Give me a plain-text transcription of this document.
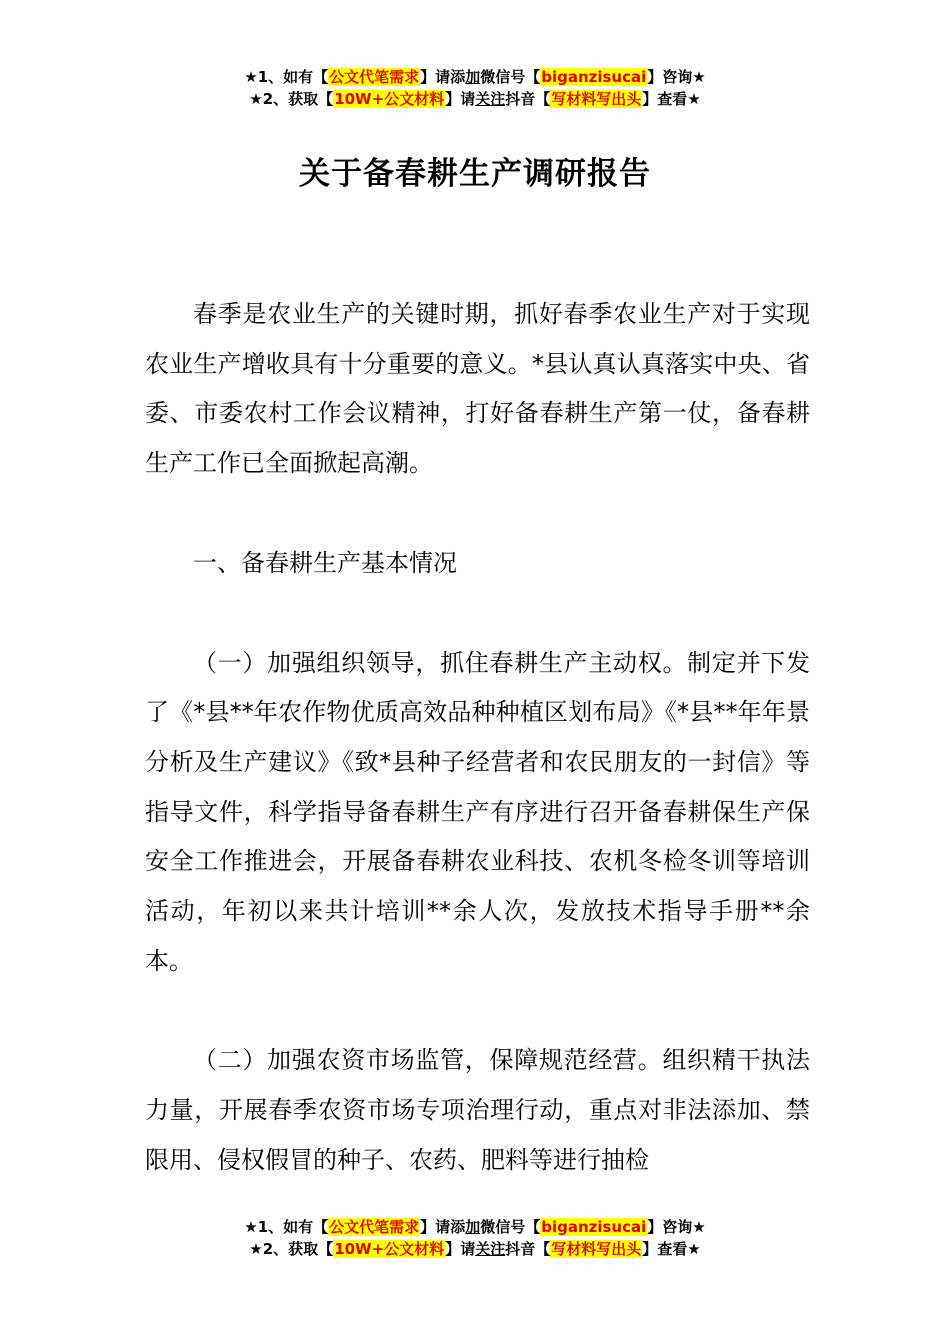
★1、如有【公文代笔需求】请添加微信号【biganzisucai】咨询★
★2、获取【10W+公文材料】请关注抖音【写材料写出头】查看★
关于备春耕生产调研报告

春季是农业生产的关键时期，抓好春季农业生产对于实现农业生产增收具有十分重要的意义。*县认真认真落实中央、省委、市委农村工作会议精神，打好备春耕生产第一仗，备春耕生产工作已全面掀起高潮。

一、备春耕生产基本情况

（一）加强组织领导，抓住春耕生产主动权。制定并下发了《*县**年农作物优质高效品种种植区划布局》《*县**年年景分析及生产建议》《致*县种子经营者和农民朋友的一封信》等指导文件，科学指导备春耕生产有序进行召开备春耕保生产保安全工作推进会，开展备春耕农业科技、农机冬检冬训等培训活动，年初以来共计培训**余人次，发放技术指导手册**余本。

（二）加强农资市场监管，保障规范经营。组织精干执法力量，开展春季农资市场专项治理行动，重点对非法添加、禁限用、侵权假冒的种子、农药、肥料等进行抽检

★1、如有【公文代笔需求】请添加微信号【biganzisucai】咨询★
★2、获取【10W+公文材料】请关注抖音【写材料写出头】查看★
